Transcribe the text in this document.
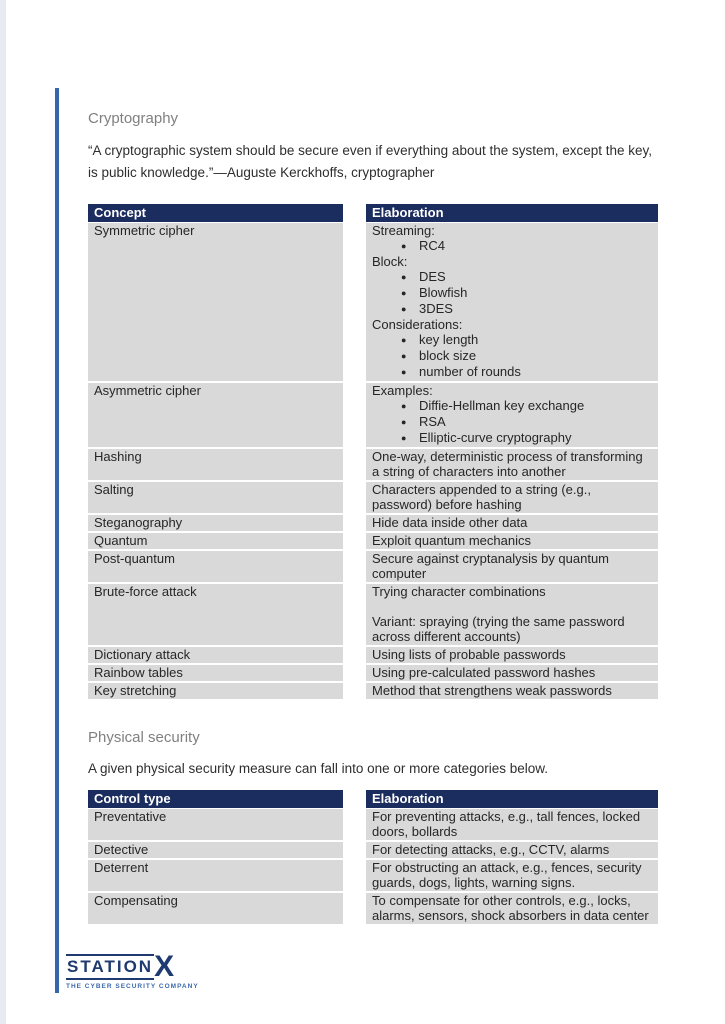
Cryptography

“A cryptographic system should be secure even if everything about the system, except the key, is public knowledge.”—Auguste Kerckhoffs, cryptographer

Concept	Elaboration
Symmetric cipher	Streaming:
● RC4
Block:
● DES
● Blowfish
● 3DES
Considerations:
● key length
● block size
● number of rounds

Asymmetric cipher	Examples:
● Diffie-Hellman key exchange
● RSA
● Elliptic-curve cryptography

Hashing	One-way, deterministic process of transforming a string of characters into another

Salting	Characters appended to a string (e.g., password) before hashing

Steganography	Hide data inside other data

Quantum	Exploit quantum mechanics

Post-quantum	Secure against cryptanalysis by quantum computer

Brute-force attack	Trying character combinations
Variant: spraying (trying the same password across different accounts)

Dictionary attack	Using lists of probable passwords

Rainbow tables	Using pre-calculated password hashes

Key stretching	Method that strengthens weak passwords
Physical security

A given physical security measure can fall into one or more categories below.

Control type	Elaboration
Preventative	For preventing attacks, e.g., tall fences, locked doors, bollards

Detective	For detecting attacks, e.g., CCTV, alarms

Deterrent	For obstructing an attack, e.g., fences, security guards, dogs, lights, warning signs.

Compensating	To compensate for other controls, e.g., locks, alarms, sensors, shock absorbers in data center
STATION X
THE CYBER SECURITY COMPANY
